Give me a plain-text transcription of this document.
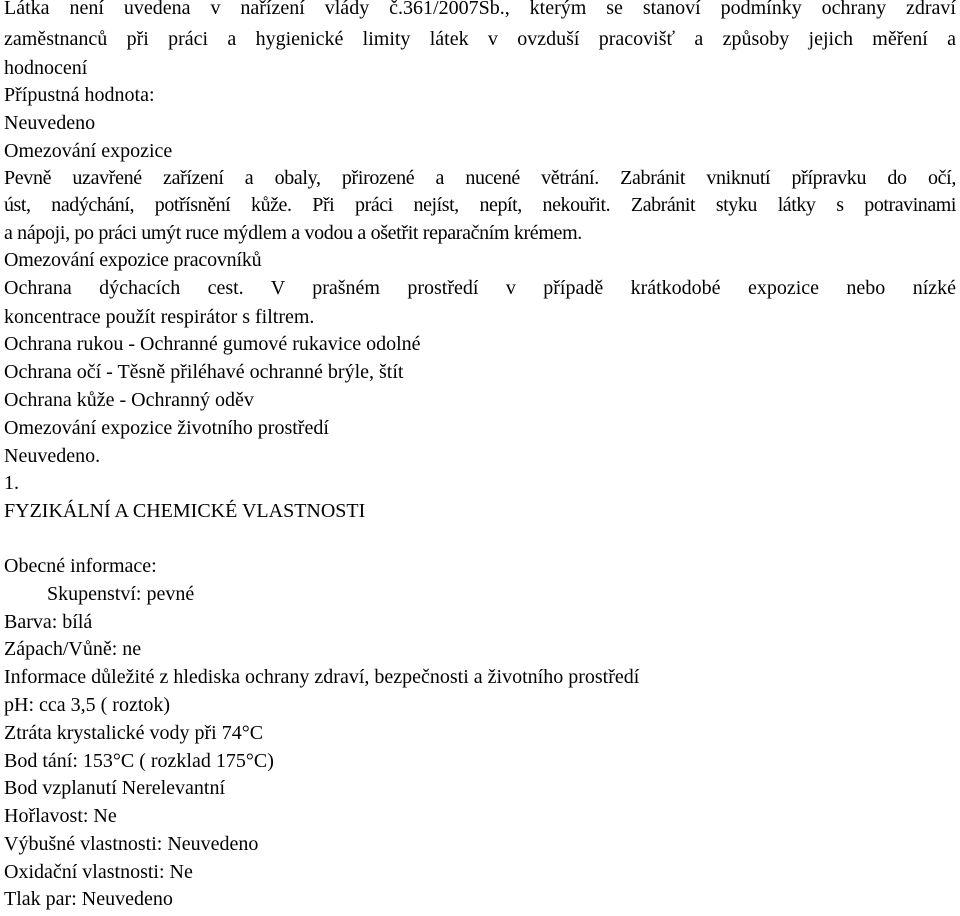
Látka není uvedena v nařízení vlády č.361/2007Sb., kterým se stanoví podmínky ochrany zdraví
zaměstnanců při práci a hygienické limity látek v ovzduší pracovišť a způsoby jejich měření a
hodnocení
Přípustná hodnota:
Neuvedeno
Omezování expozice
Pevně uzavřené zařízení a obaly, přirozené a nucené větrání. Zabránit vniknutí přípravku do očí,
úst, nadýchání, potřísnění kůže. Při práci nejíst, nepít, nekouřit. Zabránit styku látky s potravinami
a nápoji, po práci umýt ruce mýdlem a vodou a ošetřit reparačním krémem.
Omezování expozice pracovníků
Ochrana dýchacích cest. V prašném prostředí v případě krátkodobé expozice nebo nízké
koncentrace použít respirátor s filtrem.
Ochrana rukou - Ochranné gumové rukavice odolné
Ochrana očí - Těsně přiléhavé ochranné brýle, štít
Ochrana kůže - Ochranný oděv
Omezování expozice životního prostředí
Neuvedeno.
1.
FYZIKÁLNÍ A CHEMICKÉ VLASTNOSTI
Obecné informace:
Skupenství: pevné
Barva: bílá
Zápach/Vůně: ne
Informace důležité z hlediska ochrany zdraví, bezpečnosti a životního prostředí
pH: cca 3,5 ( roztok)
Ztráta krystalické vody při 74°C
Bod tání: 153°C ( rozklad 175°C)
Bod vzplanutí Nerelevantní
Hořlavost: Ne
Výbušné vlastnosti: Neuvedeno
Oxidační vlastnosti: Ne
Tlak par: Neuvedeno
